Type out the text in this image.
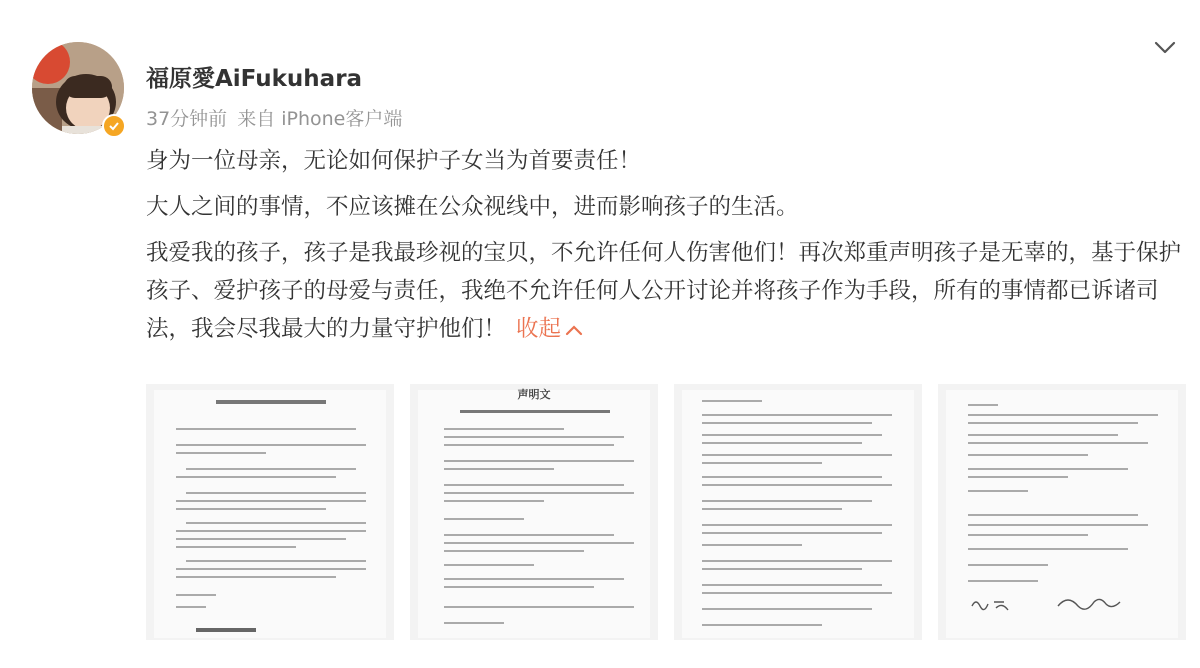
福原愛AiFukuhara
37分钟前 来自 iPhone客户端

身为一位母亲，无论如何保护子女当为首要责任！

大人之间的事情，不应该摊在公众视线中，进而影响孩子的生活。

我爱我的孩子，孩子是我最珍视的宝贝，不允许任何人伤害他们！再次郑重声明孩子是无辜的，基于保护孩子、爱护孩子的母爱与责任，我绝不允许任何人公开讨论并将孩子作为手段，所有的事情都已诉诸司法，我会尽我最大的力量守护他们！ 收起

声明文
